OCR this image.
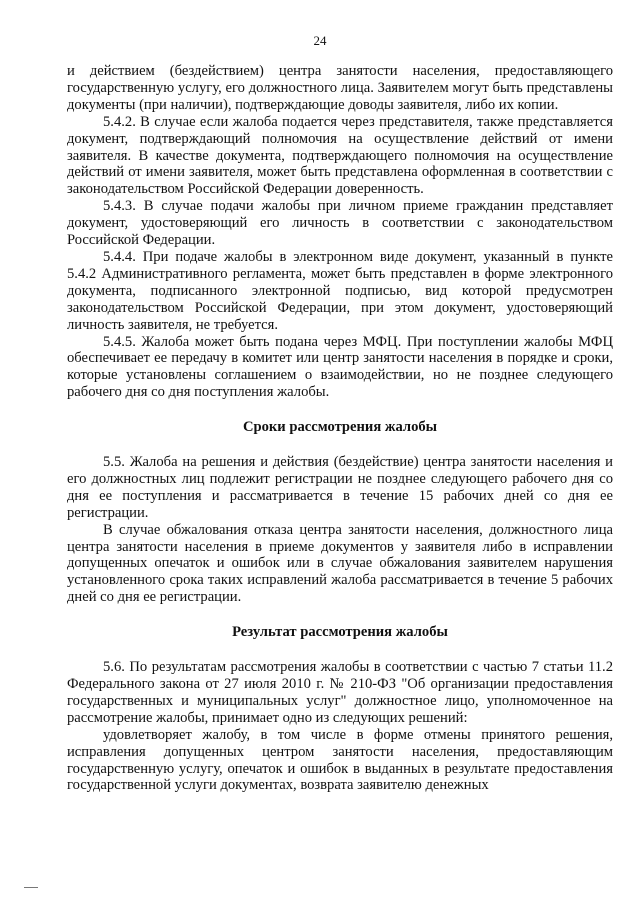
24

и действием (бездействием) центра занятости населения, предоставляющего государственную услугу, его должностного лица. Заявителем могут быть представлены документы (при наличии), подтверждающие доводы заявителя, либо их копии.

5.4.2. В случае если жалоба подается через представителя, также представляется документ, подтверждающий полномочия на осуществление действий от имени заявителя. В качестве документа, подтверждающего полномочия на осуществление действий от имени заявителя, может быть представлена оформленная в соответствии с законодательством Российской Федерации доверенность.

5.4.3. В случае подачи жалобы при личном приеме гражданин представляет документ, удостоверяющий его личность в соответствии с законодательством Российской Федерации.

5.4.4. При подаче жалобы в электронном виде документ, указанный в пункте 5.4.2 Административного регламента, может быть представлен в форме электронного документа, подписанного электронной подписью, вид которой предусмотрен законодательством Российской Федерации, при этом документ, удостоверяющий личность заявителя, не требуется.

5.4.5. Жалоба может быть подана через МФЦ. При поступлении жалобы МФЦ обеспечивает ее передачу в комитет или центр занятости населения в порядке и сроки, которые установлены соглашением о взаимодействии, но не позднее следующего рабочего дня со дня поступления жалобы.

Сроки рассмотрения жалобы

5.5. Жалоба на решения и действия (бездействие) центра занятости населения и его должностных лиц подлежит регистрации не позднее следующего рабочего дня со дня ее поступления и рассматривается в течение 15 рабочих дней со дня ее регистрации.

В случае обжалования отказа центра занятости населения, должностного лица центра занятости населения в приеме документов у заявителя либо в исправлении допущенных опечаток и ошибок или в случае обжалования заявителем нарушения установленного срока таких исправлений жалоба рассматривается в течение 5 рабочих дней со дня ее регистрации.

Результат рассмотрения жалобы

5.6. По результатам рассмотрения жалобы в соответствии с частью 7 статьи 11.2 Федерального закона от 27 июля 2010 г. № 210-ФЗ "Об организации предоставления государственных и муниципальных услуг" должностное лицо, уполномоченное на рассмотрение жалобы, принимает одно из следующих решений:

удовлетворяет жалобу, в том числе в форме отмены принятого решения, исправления допущенных центром занятости населения, предоставляющим государственную услугу, опечаток и ошибок в выданных в результате предоставления государственной услуги документах, возврата заявителю денежных
